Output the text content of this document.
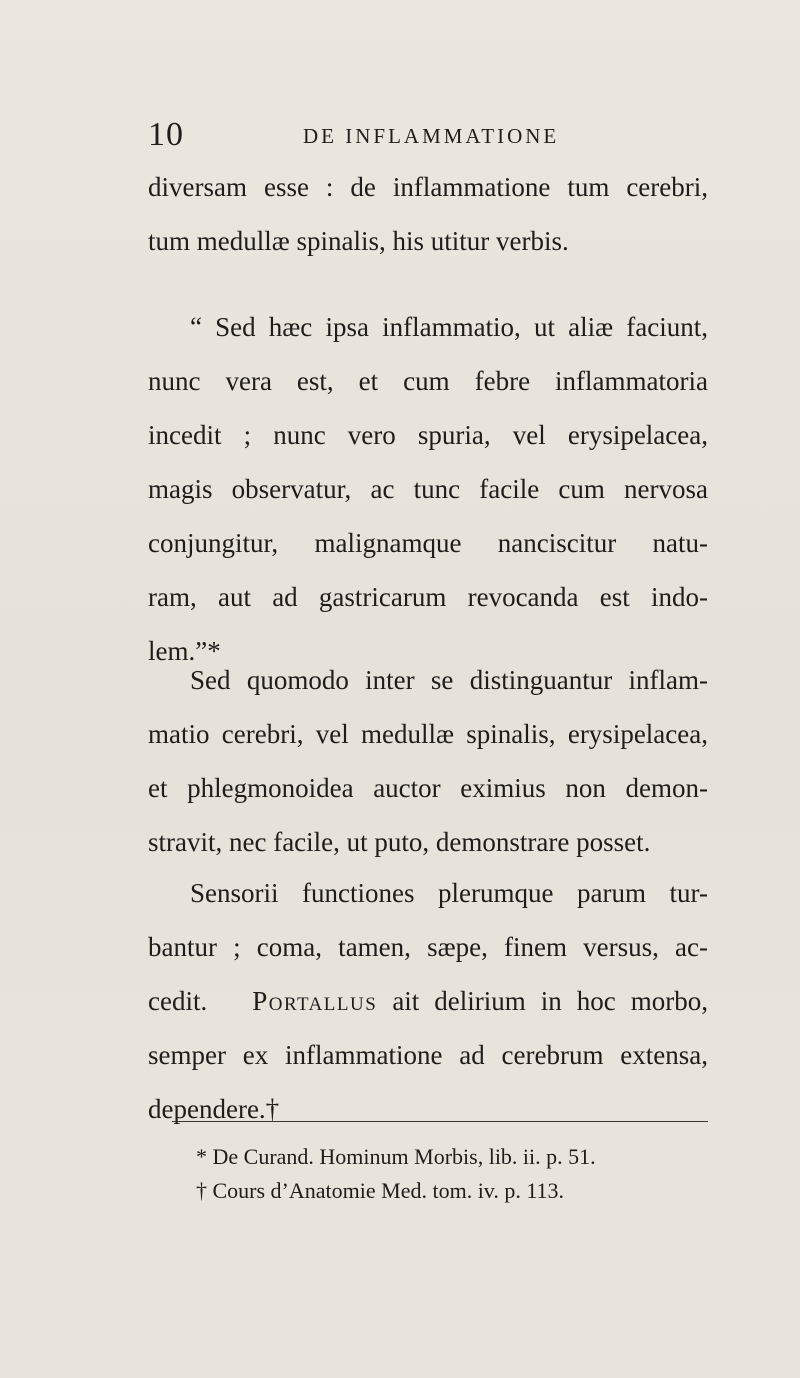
10	DE INFLAMMATIONE
diversam esse : de inflammatione tum cerebri,
tum medullæ spinalis, his utitur verbis.
“ Sed hæc ipsa inflammatio, ut aliæ faciunt,
nunc vera est, et cum febre inflammatoria
incedit ; nunc vero spuria, vel erysipelacea,
magis observatur, ac tunc facile cum nervosa
conjungitur, malignamque nanciscitur natu-
ram, aut ad gastricarum revocanda est indo-
lem.”*
Sed quomodo inter se distinguantur inflam-
matio cerebri, vel medullæ spinalis, erysipelacea,
et phlegmonoidea auctor eximius non demon-
stravit, nec facile, ut puto, demonstrare posset.
Sensorii functiones plerumque parum tur-
bantur ; coma, tamen, sæpe, finem versus, ac-
cedit. Portallus ait delirium in hoc morbo,
semper ex inflammatione ad cerebrum extensa,
dependere.†
* De Curand. Hominum Morbis, lib. ii. p. 51.
† Cours d’Anatomie Med. tom. iv. p. 113.
